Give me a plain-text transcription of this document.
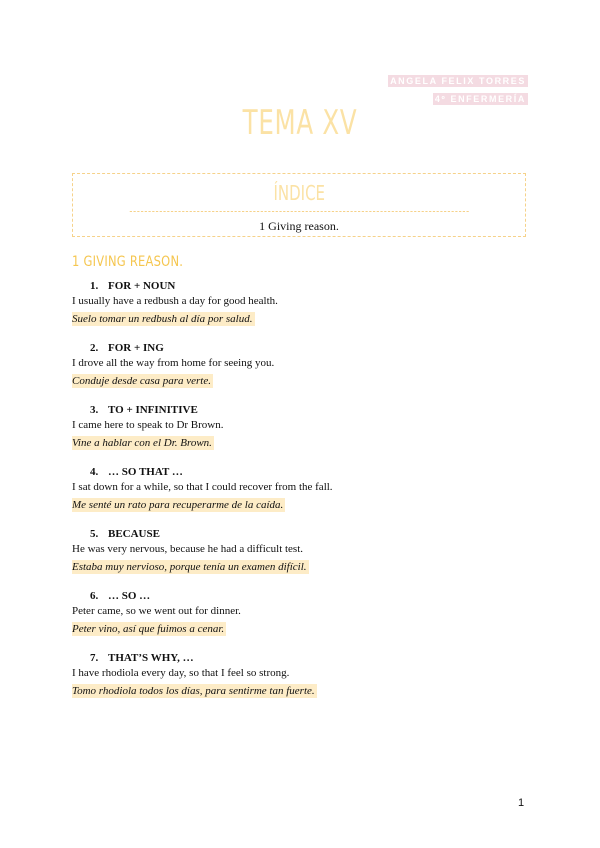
ANGELA FELIX TORRES
4º ENFERMERÍA
TEMA XV
ÍNDICE
1 Giving reason.
1 GIVING REASON.
1. FOR + NOUN
I usually have a redbush a day for good health.
Suelo tomar un redbush al día por salud.
2. FOR + ING
I drove all the way from home for seeing you.
Conduje desde casa para verte.
3. TO + INFINITIVE
I came here to speak to Dr Brown.
Vine a hablar con el Dr. Brown.
4. … SO THAT …
I sat down for a while, so that I could recover from the fall.
Me senté un rato para recuperarme de la caída.
5. BECAUSE
He was very nervous, because he had a difficult test.
Estaba muy nervioso, porque tenía un examen difícil.
6. … SO …
Peter came, so we went out for dinner.
Peter vino, así que fuimos a cenar.
7. THAT’S WHY, …
I have rhodiola every day, so that I feel so strong.
Tomo rhodiola todos los días, para sentirme tan fuerte.
1
